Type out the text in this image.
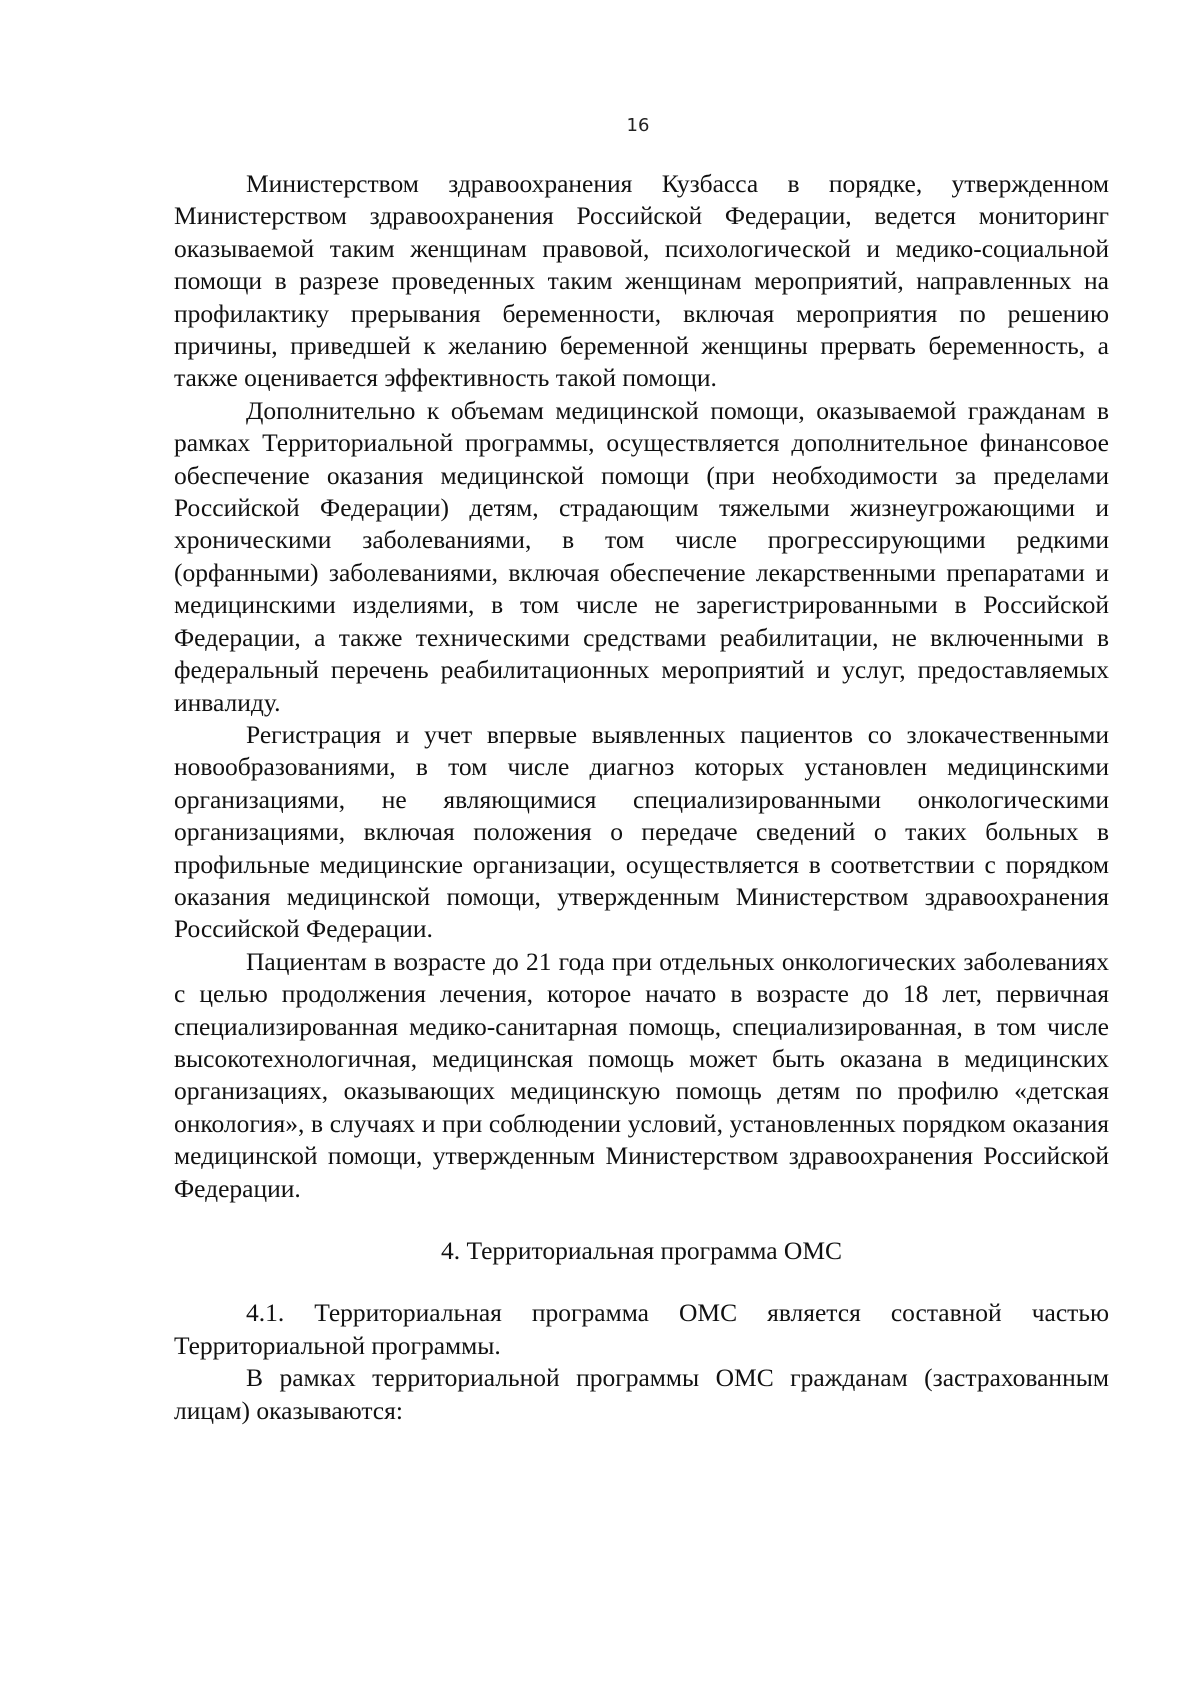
16

Министерством здравоохранения Кузбасса в порядке, утвержденном Министерством здравоохранения Российской Федерации, ведется мониторинг оказываемой таким женщинам правовой, психологической и медико-социальной помощи в разрезе проведенных таким женщинам мероприятий, направленных на профилактику прерывания беременности, включая мероприятия по решению причины, приведшей к желанию беременной женщины прервать беременность, а также оценивается эффективность такой помощи.

Дополнительно к объемам медицинской помощи, оказываемой гражданам в рамках Территориальной программы, осуществляется дополнительное финансовое обеспечение оказания медицинской помощи (при необходимости за пределами Российской Федерации) детям, страдающим тяжелыми жизнеугрожающими и хроническими заболеваниями, в том числе прогрессирующими редкими (орфанными) заболеваниями, включая обеспечение лекарственными препаратами и медицинскими изделиями, в том числе не зарегистрированными в Российской Федерации, а также техническими средствами реабилитации, не включенными в федеральный перечень реабилитационных мероприятий и услуг, предоставляемых инвалиду.

Регистрация и учет впервые выявленных пациентов со злокачественными новообразованиями, в том числе диагноз которых установлен медицинскими организациями, не являющимися специализированными онкологическими организациями, включая положения о передаче сведений о таких больных в профильные медицинские организации, осуществляется в соответствии с порядком оказания медицинской помощи, утвержденным Министерством здравоохранения Российской Федерации.

Пациентам в возрасте до 21 года при отдельных онкологических заболеваниях с целью продолжения лечения, которое начато в возрасте до 18 лет, первичная специализированная медико-санитарная помощь, специализированная, в том числе высокотехнологичная, медицинская помощь может быть оказана в медицинских организациях, оказывающих медицинскую помощь детям по профилю «детская онкология», в случаях и при соблюдении условий, установленных порядком оказания медицинской помощи, утвержденным Министерством здравоохранения Российской Федерации.

4. Территориальная программа ОМС

4.1. Территориальная программа ОМС является составной частью Территориальной программы.

В рамках территориальной программы ОМС гражданам (застрахованным лицам) оказываются:
